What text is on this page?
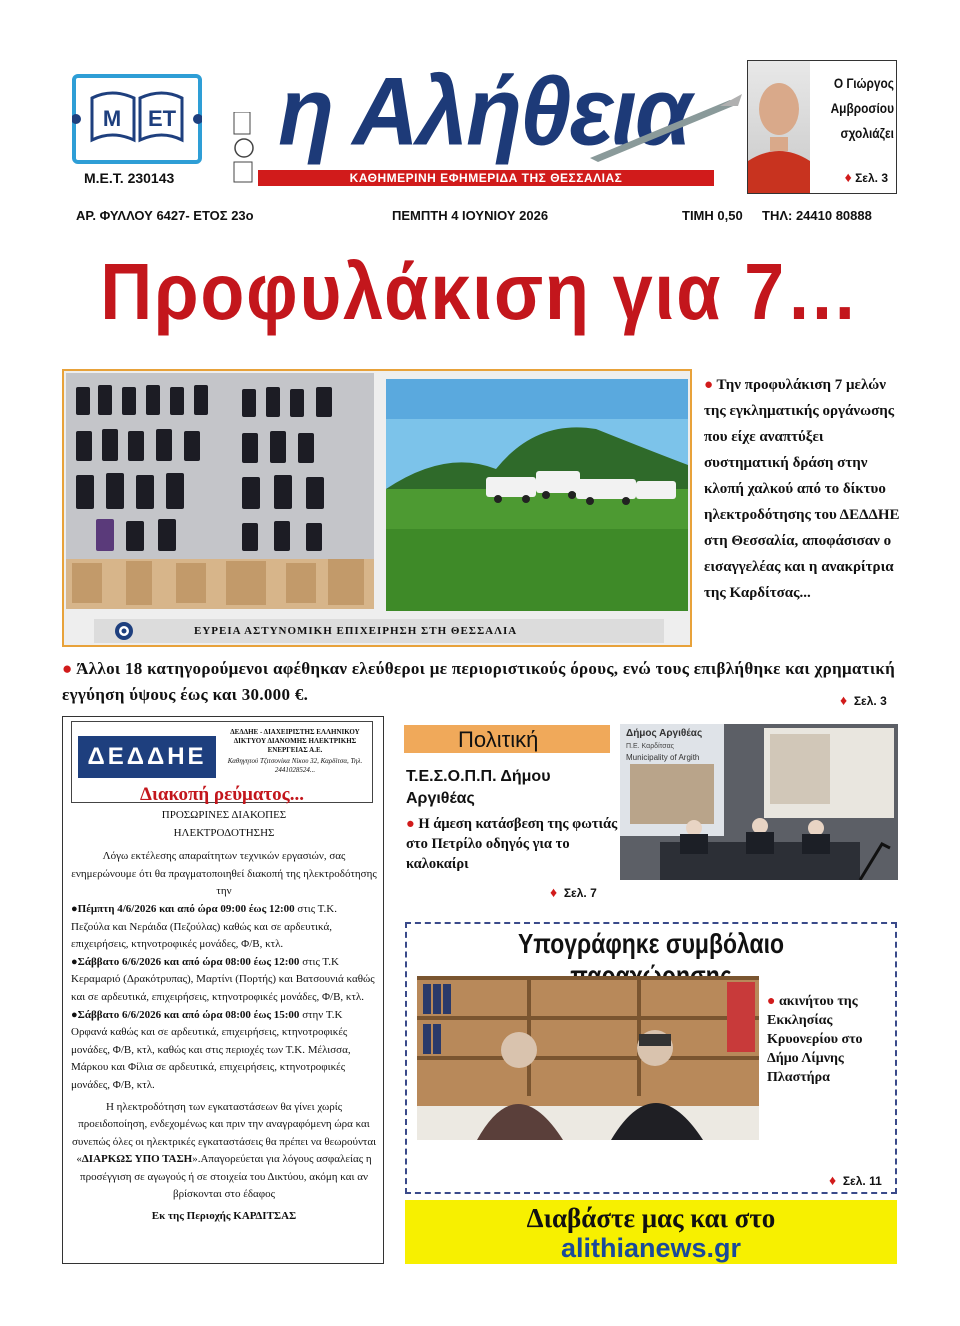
Μ ΕΤ
Μ.Ε.Τ. 230143
η Αλήθεια
ΚΑΘΗΜΕΡΙΝΗ ΕΦΗΜΕΡΙΔΑ ΤΗΣ ΘΕΣΣΑΛΙΑΣ
Ο Γιώργος
Αμβροσίου
σχολιάζει
♦ Σελ. 3
ΑΡ. ΦΥΛΛΟΥ 6427- ΕΤΟΣ 23ο	ΠΕΜΠΤΗ 4 ΙΟΥΝΙΟΥ 2026	ΤΙΜΗ 0,50 ΤΗΛ: 24410 80888
Προφυλάκιση για 7…
ΕΥΡΕΙΑ ΑΣΤΥΝΟΜΙΚΗ ΕΠΙΧΕΙΡΗΣΗ ΣΤΗ ΘΕΣΣΑΛΙΑ
● Την προφυλάκιση 7 μελών της εγκληματικής οργάνωσης που είχε αναπτύξει συστηματική δράση στην κλοπή χαλκού από το δίκτυο ηλεκτροδότησης του ΔΕΔΔΗΕ στη Θεσσαλία, αποφάσισαν ο εισαγγελέας και η ανακρίτρια της Καρδίτσας...
● Άλλοι 18 κατηγορούμενοι αφέθηκαν ελεύθεροι με περιοριστικούς όρους, ενώ τους επιβλήθηκε και χρηματική εγγύηση ύψους έως και 30.000 €.	♦ Σελ. 3
ΔΕΔΔΗΕ
ΔΕΔΔΗΕ - ΔΙΑΧΕΙΡΙΣΤΗΣ ΕΛΛΗΝΙΚΟΥ ΔΙΚΤΥΟΥ ΔΙΑΝΟΜΗΣ ΗΛΕΚΤΡΙΚΗΣ ΕΝΕΡΓΕΙΑΣ Α.Ε.
Καθηγητού Τζιτσονίκα Νίκου 32, Καρδίτσα, Τηλ. 2441028524...
Διακοπή ρεύματος...

ΠΡΟΣΩΡΙΝΕΣ ΔΙΑΚΟΠΕΣ

ΗΛΕΚΤΡΟΔΟΤΗΣΗΣ

Λόγω εκτέλεσης απαραίτητων τεχνικών εργασιών, σας ενημερώνουμε ότι θα πραγματοποιηθεί διακοπή της ηλεκτροδότησης την

●Πέμπτη 4/6/2026 και από ώρα 09:00 έως 12:00 στις Τ.Κ. Πεζούλα και Νεράιδα (Πεζούλας) καθώς και σε αρδευτικά, επιχειρήσεις, κτηνοτροφικές μονάδες, Φ/Β, κτλ.

●Σάββατο 6/6/2026 και από ώρα 08:00 έως 12:00 στις Τ.Κ Κεραμαριό (Δρακότρυπας), Μαρτίνι (Πορτής) και Βατσουνιά καθώς και σε αρδευτικά, επιχειρήσεις, κτηνοτροφικές μονάδες, Φ/Β, κτλ.

●Σάββατο 6/6/2026 και από ώρα 08:00 έως 15:00 στην Τ.Κ Ορφανά καθώς και σε αρδευτικά, επιχειρήσεις, κτηνοτροφικές μονάδες, Φ/Β, κτλ, καθώς και στις περιοχές των Τ.Κ. Μέλισσα, Μάρκου και Φίλια σε αρδευτικά, επιχειρήσεις, κτηνοτροφικές μονάδες, Φ/Β, κτλ.

Η ηλεκτροδότηση των εγκαταστάσεων θα γίνει χωρίς προειδοποίηση, ενδεχομένως και πριν την αναγραφόμενη ώρα και συνεπώς όλες οι ηλεκτρικές εγκαταστάσεις θα πρέπει να θεωρούνται «ΔΙΑΡΚΩΣ ΥΠΟ ΤΑΣΗ».Απαγορεύεται για λόγους ασφαλείας η προσέγγιση σε αγωγούς ή σε στοιχεία του Δικτύου, ακόμη και αν βρίσκονται στο έδαφος

Εκ της Περιοχής ΚΑΡΔΙΤΣΑΣ

Πολιτική
Τ.Ε.Σ.Ο.Π.Π. Δήμου Αργιθέας
● Η άμεση κατάσβεση της φωτιάς στο Πετρίλο οδηγός για το καλοκαίρι
♦ Σελ. 7
Δήμος Αργιθέας
Π.Ε. Καρδίτσας
Municipality of Argith
Υπογράφηκε συμβόλαιο
● ακινήτου της Εκκλησίας Κρυονερίου στο Δήμο Λίμνης Πλαστήρα
♦ Σελ. 11
Διαβάστε μας και στο
alithianews.gr
